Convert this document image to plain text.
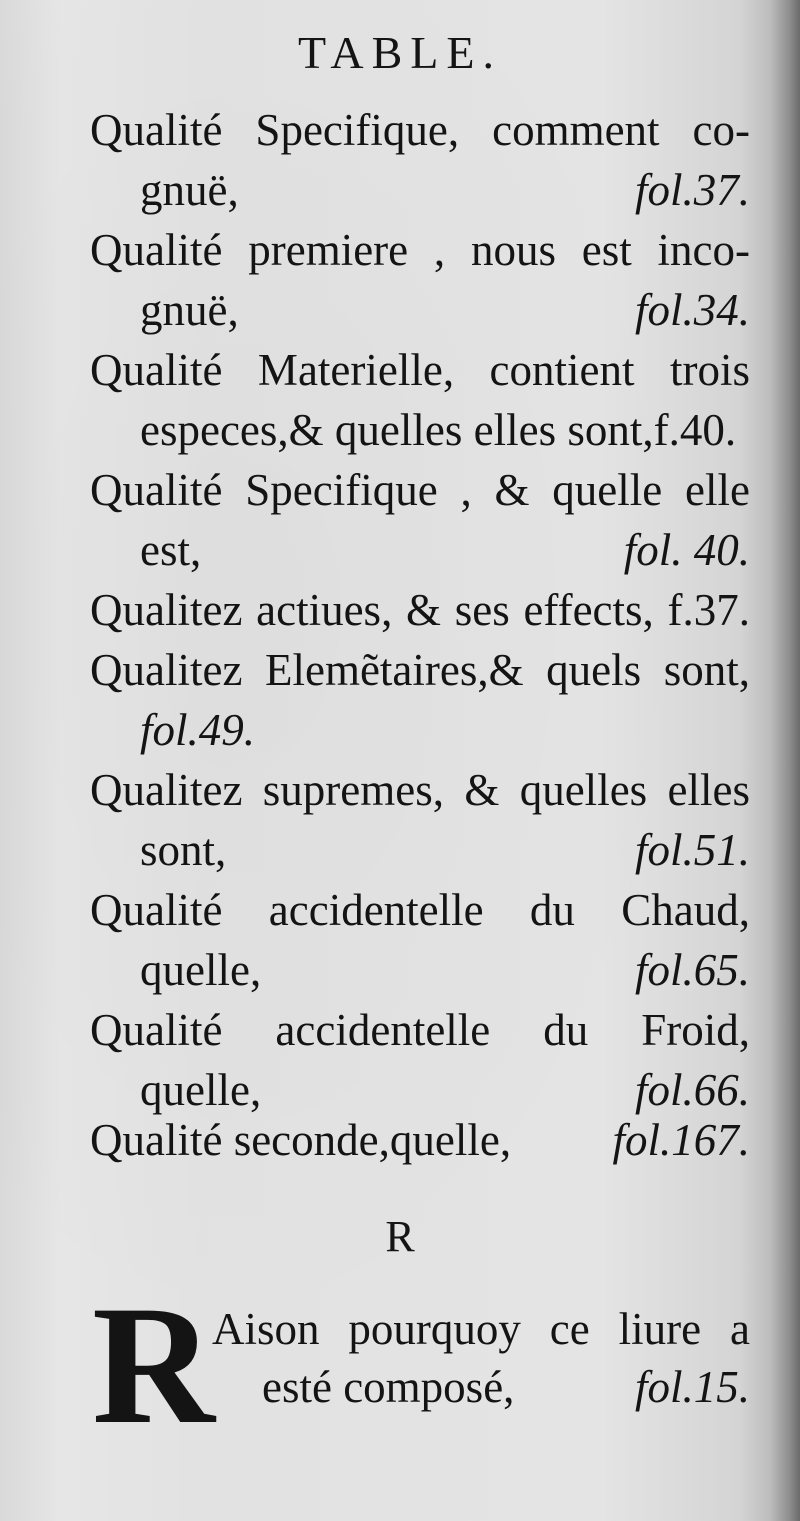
TABLE.
Qualité Specifique, comment co-
gnuë,	fol.37.
Qualité premiere , nous est inco-
gnuë,	fol.34.
Qualité Materielle, contient trois
especes,& quelles elles sont,f.40.
Qualité Specifique , & quelle elle
est,	fol. 40.
Qualitez actiues, & ses effects, f.37.
Qualitez Elemẽtaires,& quels sont,
fol.49.
Qualitez supremes, & quelles elles
sont,	fol.51.
Qualité accidentelle du Chaud,
quelle,	fol.65.
Qualité accidentelle du Froid,
quelle,	fol.66.
Qualité seconde,quelle, fol.167.
R
R
Aison pourquoy ce liure a
esté composé,	fol.15.
